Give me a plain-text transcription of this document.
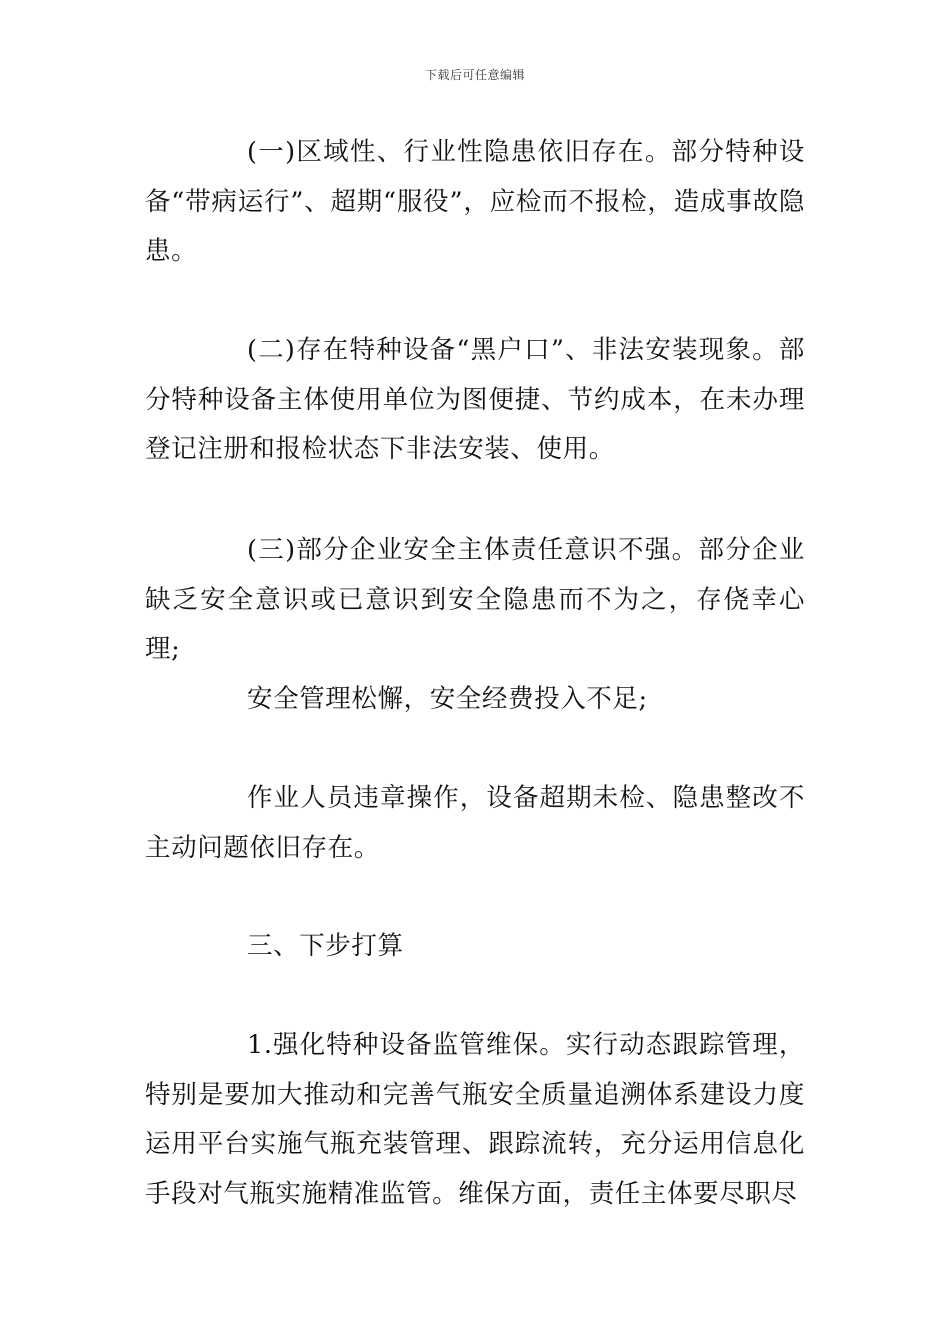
下载后可任意编辑

(一)区域性、行业性隐患依旧存在。部分特种设备“带病运行”、超期“服役”，应检而不报检，造成事故隐患。

(二)存在特种设备“黑户口”、非法安装现象。部分特种设备主体使用单位为图便捷、节约成本，在未办理登记注册和报检状态下非法安装、使用。

(三)部分企业安全主体责任意识不强。部分企业缺乏安全意识或已意识到安全隐患而不为之，存侥幸心理;

安全管理松懈，安全经费投入不足;

作业人员违章操作，设备超期未检、隐患整改不主动问题依旧存在。

三、下步打算

1.强化特种设备监管维保。实行动态跟踪管理，特别是要加大推动和完善气瓶安全质量追溯体系建设力度运用平台实施气瓶充装管理、跟踪流转，充分运用信息化手段对气瓶实施精准监管。维保方面，责任主体要尽职尽
